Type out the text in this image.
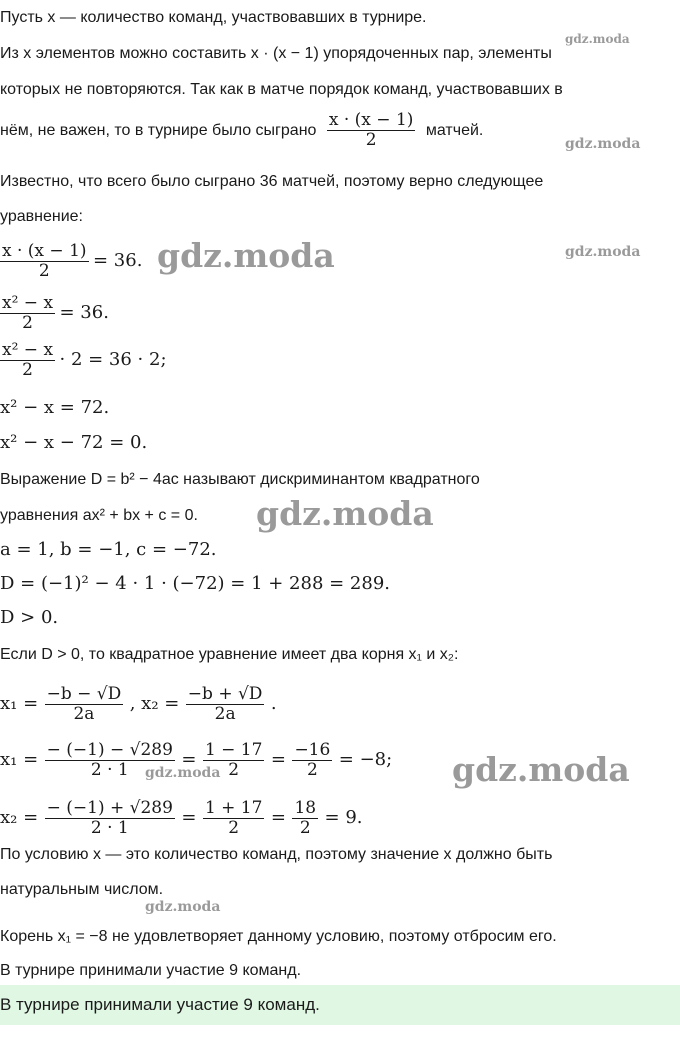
Пусть x — количество команд, участвовавших в турнире.
Из x элементов можно составить x · (x − 1) упорядоченных пар, элементы
которых не повторяются. Так как в матче порядок команд, участвовавших в
нём, не важен, то в турнире было сыграно $\frac{x \cdot (x - 1)}{2}$ матчей.
Известно, что всего было сыграно 36 матчей, поэтому верно следующее
уравнение:
$\frac{x \cdot (x - 1)}{2} = 36$.
$\frac{\text{x² − x}}{2} = 36$.
$\frac{\text{x² − x}}{2} \cdot 2 = 36 \cdot 2$;
x² − x = 72.
x² − x − 72 = 0.
Выражение D = b² − 4ac называют дискриминантом квадратного
уравнения ax² + bx + c = 0.
a = 1, b = −1, c = −72.
D = (−1)² − 4 · 1 · (−72) = 1 + 288 = 289.
D > 0.
Если D > 0, то квадратное уравнение имеет два корня x₁ и x₂:
$x_1 = \frac{-b - √D}{2a}$ , $x_2 = \frac{-b + √D}{2a}$ .
$x_1 = \frac{- (-1) - √289}{2 \cdot 1} = \frac{1 - 17}{2} = \frac{-16}{2} = -8$;
$x_2 = \frac{- (-1) + √289}{2 \cdot 1} = \frac{1 + 17}{2} = \frac{18}{2} = 9$.
По условию x — это количество команд, поэтому значение x должно быть
натуральным числом.
Корень x₁ = −8 не удовлетворяет данному условию, поэтому отбросим его.
В турнире принимали участие 9 команд.
В турнире принимали участие 9 команд.
gdz.moda
gdz.moda
gdz.moda
gdz.moda
gdz.moda
gdz.moda
gdz.moda
gdz.moda
